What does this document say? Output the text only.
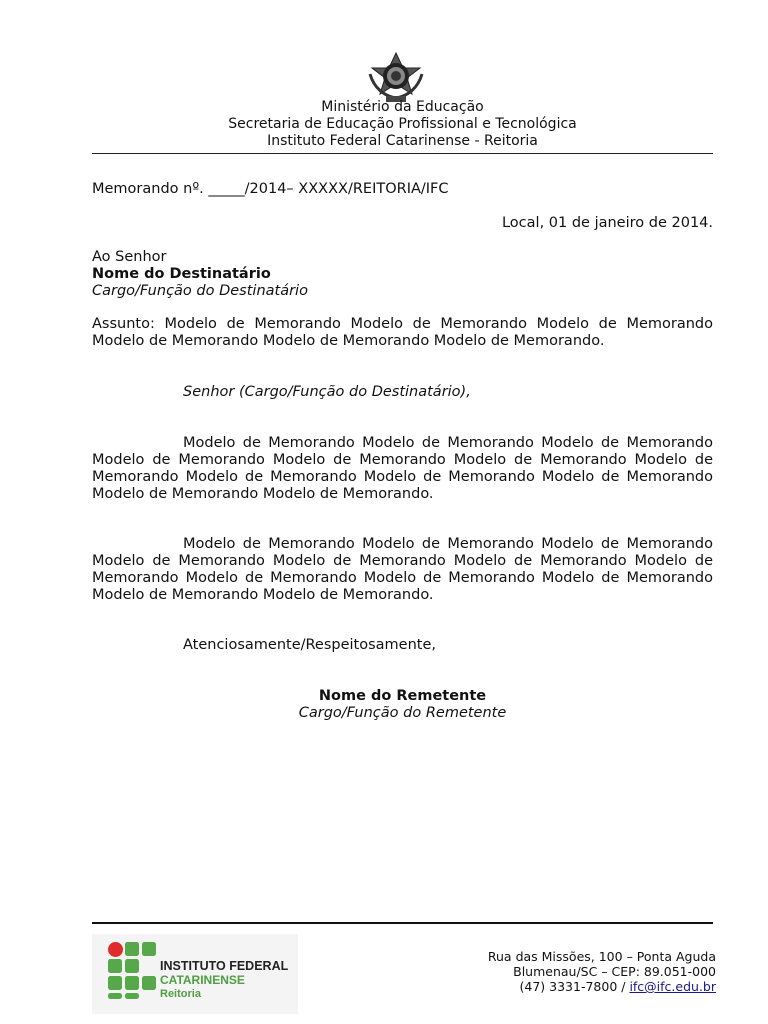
Ministério da Educação
Secretaria de Educação Profissional e Tecnológica
Instituto Federal Catarinense - Reitoria
Memorando nº. _____/2014– XXXXX/REITORIA/IFC
Local, 01 de janeiro de 2014.
Ao Senhor
Nome do Destinatário
Cargo/Função do Destinatário
Assunto: Modelo de Memorando Modelo de Memorando Modelo de Memorando Modelo de Memorando Modelo de Memorando Modelo de Memorando.
Senhor (Cargo/Função do Destinatário),
Modelo de Memorando Modelo de Memorando Modelo de Memorando Modelo de Memorando Modelo de Memorando Modelo de Memorando Modelo de Memorando Modelo de Memorando Modelo de Memorando Modelo de Memorando Modelo de Memorando Modelo de Memorando.
Modelo de Memorando Modelo de Memorando Modelo de Memorando Modelo de Memorando Modelo de Memorando Modelo de Memorando Modelo de Memorando Modelo de Memorando Modelo de Memorando Modelo de Memorando Modelo de Memorando Modelo de Memorando.
Atenciosamente/Respeitosamente,
Nome do Remetente
Cargo/Função do Remetente
INSTITUTO FEDERAL
CATARINENSE
Reitoria
Rua das Missões, 100 – Ponta Aguda
Blumenau/SC – CEP: 89.051-000
(47) 3331-7800 / ifc@ifc.edu.br
